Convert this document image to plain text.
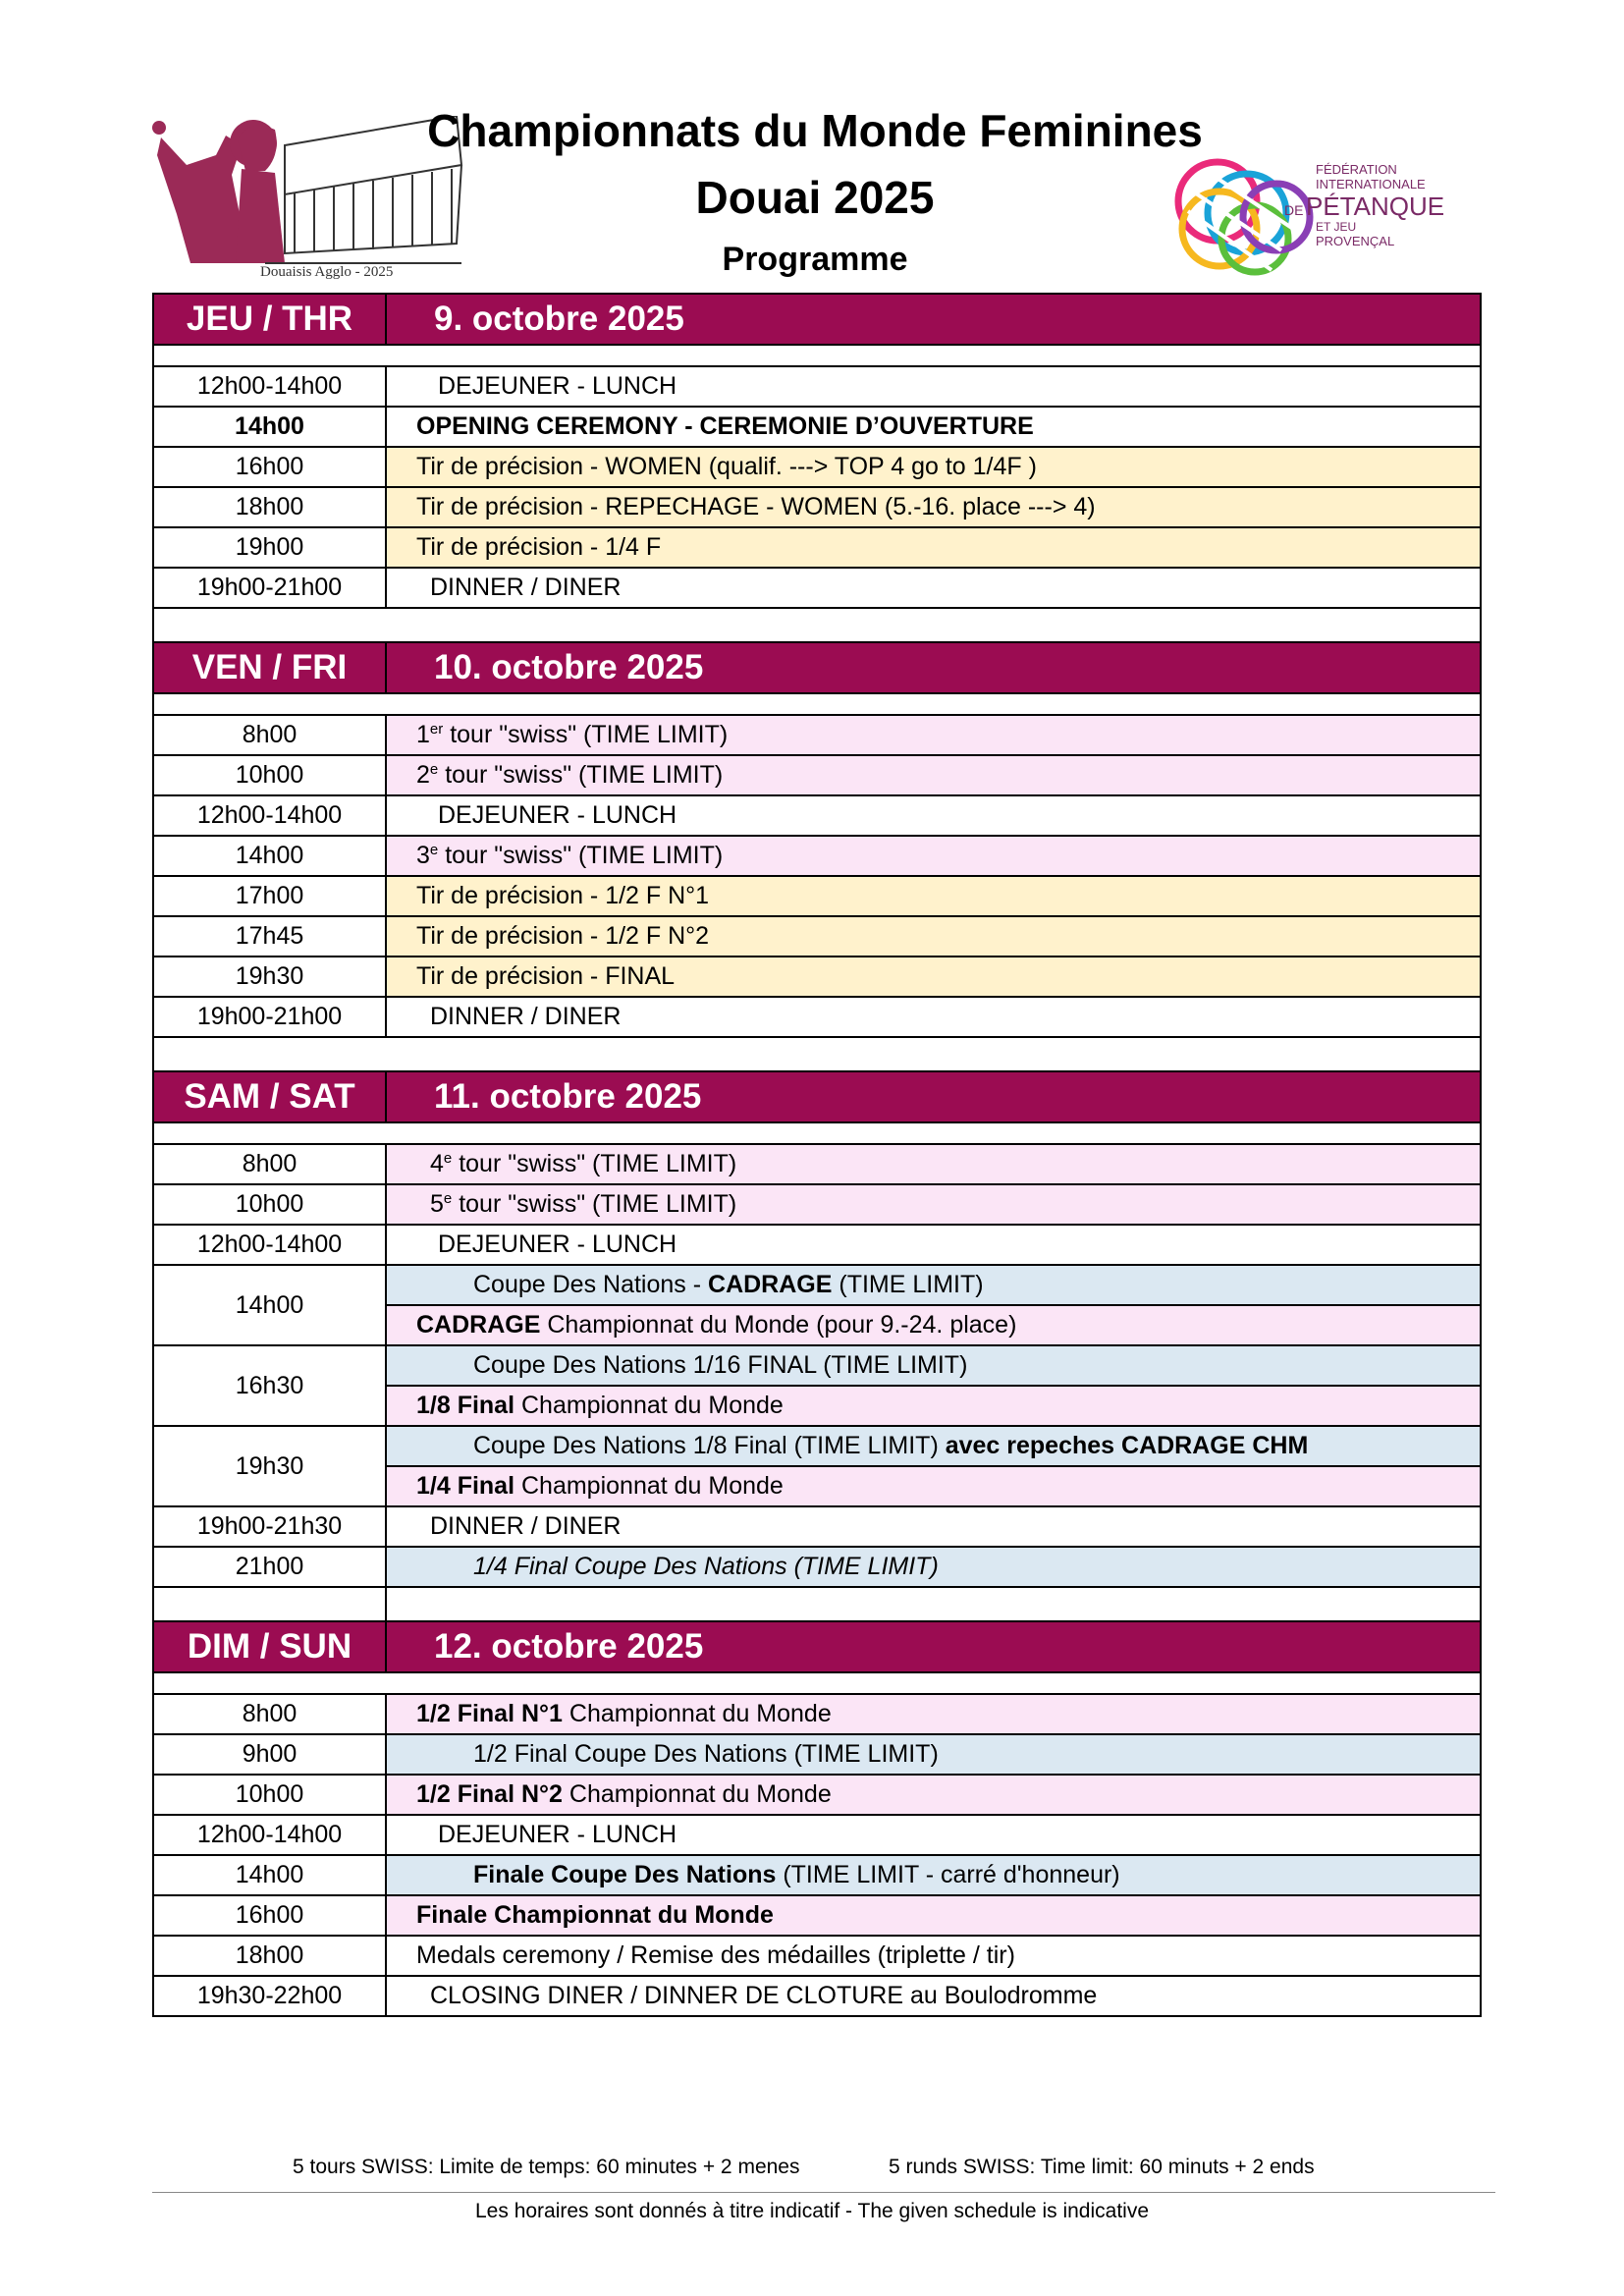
Douaisis Agglo - 2025
Championnats du Monde Feminines
Douai 2025
Programme
FÉDÉRATION
INTERNATIONALE
DE PÉTANQUE
ET JEU
PROVENÇAL
JEU / THR	9. octobre 2025

12h00-14h00	DEJEUNER - LUNCH
14h00	OPENING CEREMONY - CEREMONIE D’OUVERTURE
16h00	Tir de précision - WOMEN (qualif. ---> TOP 4 go to 1/4F )
18h00	Tir de précision - REPECHAGE - WOMEN (5.-16. place ---> 4)
19h00	Tir de précision - 1/4 F
19h00-21h00	DINNER / DINER

VEN / FRI	10. octobre 2025

8h00	1er tour "swiss" (TIME LIMIT)
10h00	2e tour "swiss" (TIME LIMIT)
12h00-14h00	DEJEUNER - LUNCH
14h00	3e tour "swiss" (TIME LIMIT)
17h00	Tir de précision - 1/2 F N°1
17h45	Tir de précision - 1/2 F N°2
19h30	Tir de précision - FINAL
19h00-21h00	DINNER / DINER

SAM / SAT	11. octobre 2025

8h00	4e tour "swiss" (TIME LIMIT)
10h00	5e tour "swiss" (TIME LIMIT)
12h00-14h00	DEJEUNER - LUNCH
14h00	Coupe Des Nations - CADRAGE (TIME LIMIT)
	CADRAGE Championnat du Monde (pour 9.-24. place)
16h30	Coupe Des Nations 1/16 FINAL (TIME LIMIT)
	1/8 Final Championnat du Monde
19h30	Coupe Des Nations 1/8 Final (TIME LIMIT) avec repeches CADRAGE CHM
	1/4 Final Championnat du Monde
19h00-21h30	DINNER / DINER
21h00	1/4 Final Coupe Des Nations (TIME LIMIT)

DIM / SUN	12. octobre 2025

8h00	1/2 Final N°1 Championnat du Monde
9h00	1/2 Final Coupe Des Nations (TIME LIMIT)
10h00	1/2 Final N°2 Championnat du Monde
12h00-14h00	DEJEUNER - LUNCH
14h00	Finale Coupe Des Nations (TIME LIMIT - carré d'honneur)
16h00	Finale Championnat du Monde
18h00	Medals ceremony / Remise des médailles (triplette / tir)
19h30-22h00	CLOSING DINER / DINNER DE CLOTURE au Boulodromme
5 tours SWISS: Limite de temps: 60 minutes + 2 menes	5 runds SWISS: Time limit: 60 minuts + 2 ends
Les horaires sont donnés à titre indicatif - The given schedule is indicative
